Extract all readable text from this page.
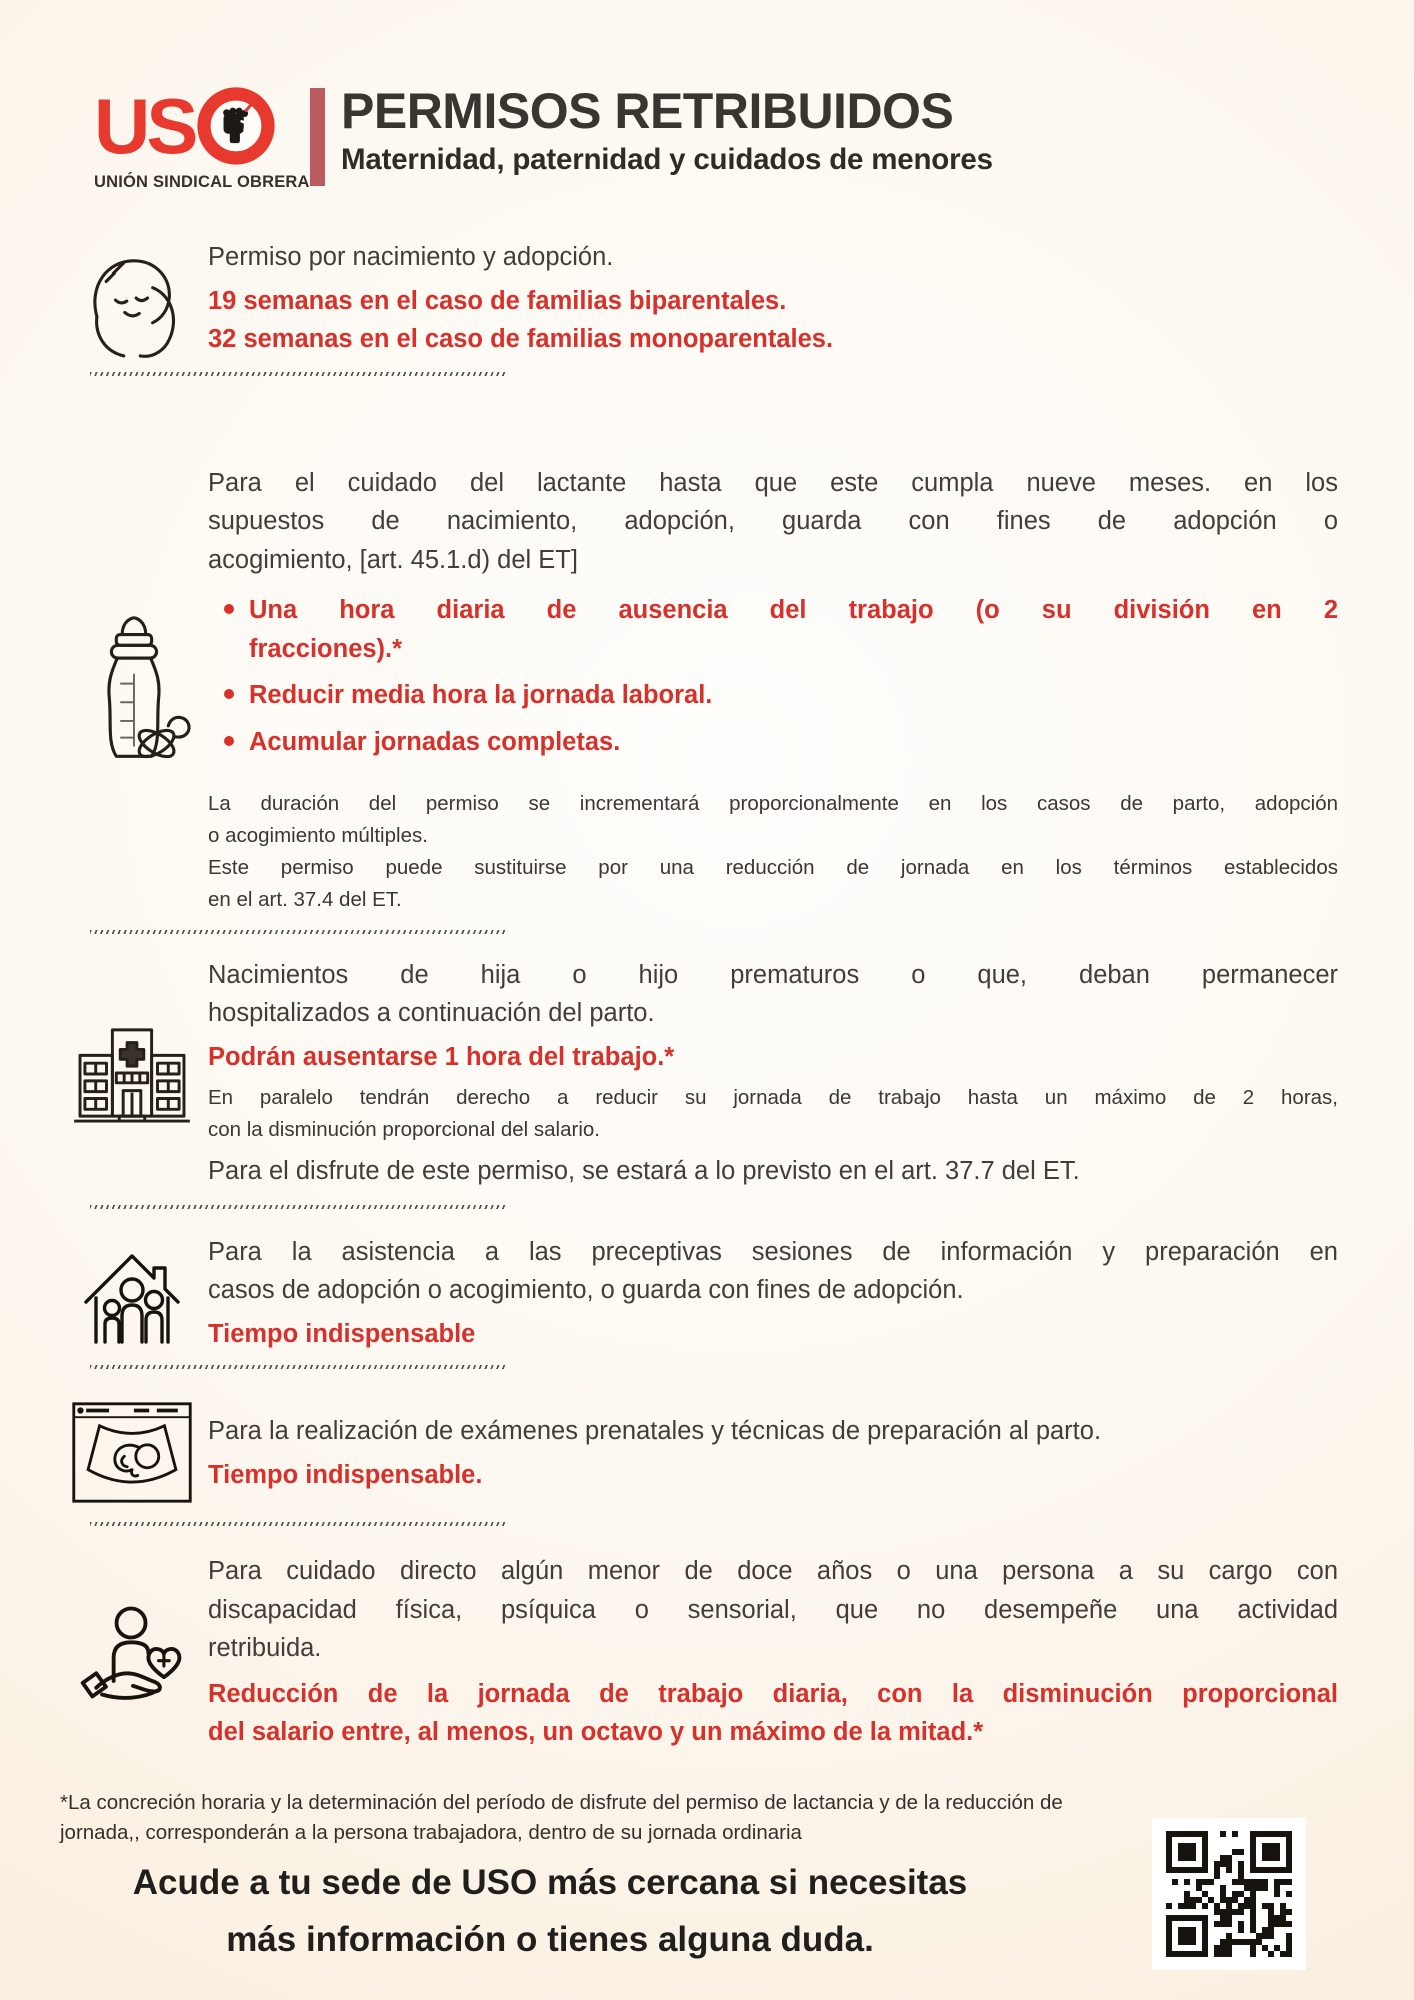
US
UNIÓN SINDICAL OBRERA
PERMISOS RETRIBUIDOS
Maternidad, paternidad y cuidados de menores

Permiso por nacimiento y adopción.

19 semanas en el caso de familias biparentales.

32 semanas en el caso de familias monoparentales.

Para el cuidado del lactante hasta que este cumpla nueve meses. en los
supuestos de nacimiento, adopción, guarda con fines de adopción o
acogimiento, [art. 45.1.d) del ET]
Una hora diaria de ausencia del trabajo (o su división en 2
fracciones).*
Reducir media hora la jornada laboral.
Acumular jornadas completas.
La duración del permiso se incrementará proporcionalmente en los casos de parto, adopción
o acogimiento múltiples.
Este permiso puede sustituirse por una reducción de jornada en los términos establecidos
en el art. 37.4 del ET.
Nacimientos de hija o hijo prematuros o que, deban permanecer
hospitalizados a continuación del parto.

Podrán ausentarse 1 hora del trabajo.*

En paralelo tendrán derecho a reducir su jornada de trabajo hasta un máximo de 2 horas,
con la disminución proporcional del salario.

Para el disfrute de este permiso, se estará a lo previsto en el art. 37.7 del ET.

Para la asistencia a las preceptivas sesiones de información y preparación en
casos de adopción o acogimiento, o guarda con fines de adopción.

Tiempo indispensable

Para la realización de exámenes prenatales y técnicas de preparación al parto.

Tiempo indispensable.

Para cuidado directo algún menor de doce años o una persona a su cargo con
discapacidad física, psíquica o sensorial, que no desempeñe una actividad
retribuida.
Reducción de la jornada de trabajo diaria, con la disminución proporcional
del salario entre, al menos, un octavo y un máximo de la mitad.*
*La concreción horaria y la determinación del período de disfrute del permiso de lactancia y de la reducción de
jornada,, corresponderán a la persona trabajadora, dentro de su jornada ordinaria
Acude a tu sede de USO más cercana si necesitas
más información o tienes alguna duda.
